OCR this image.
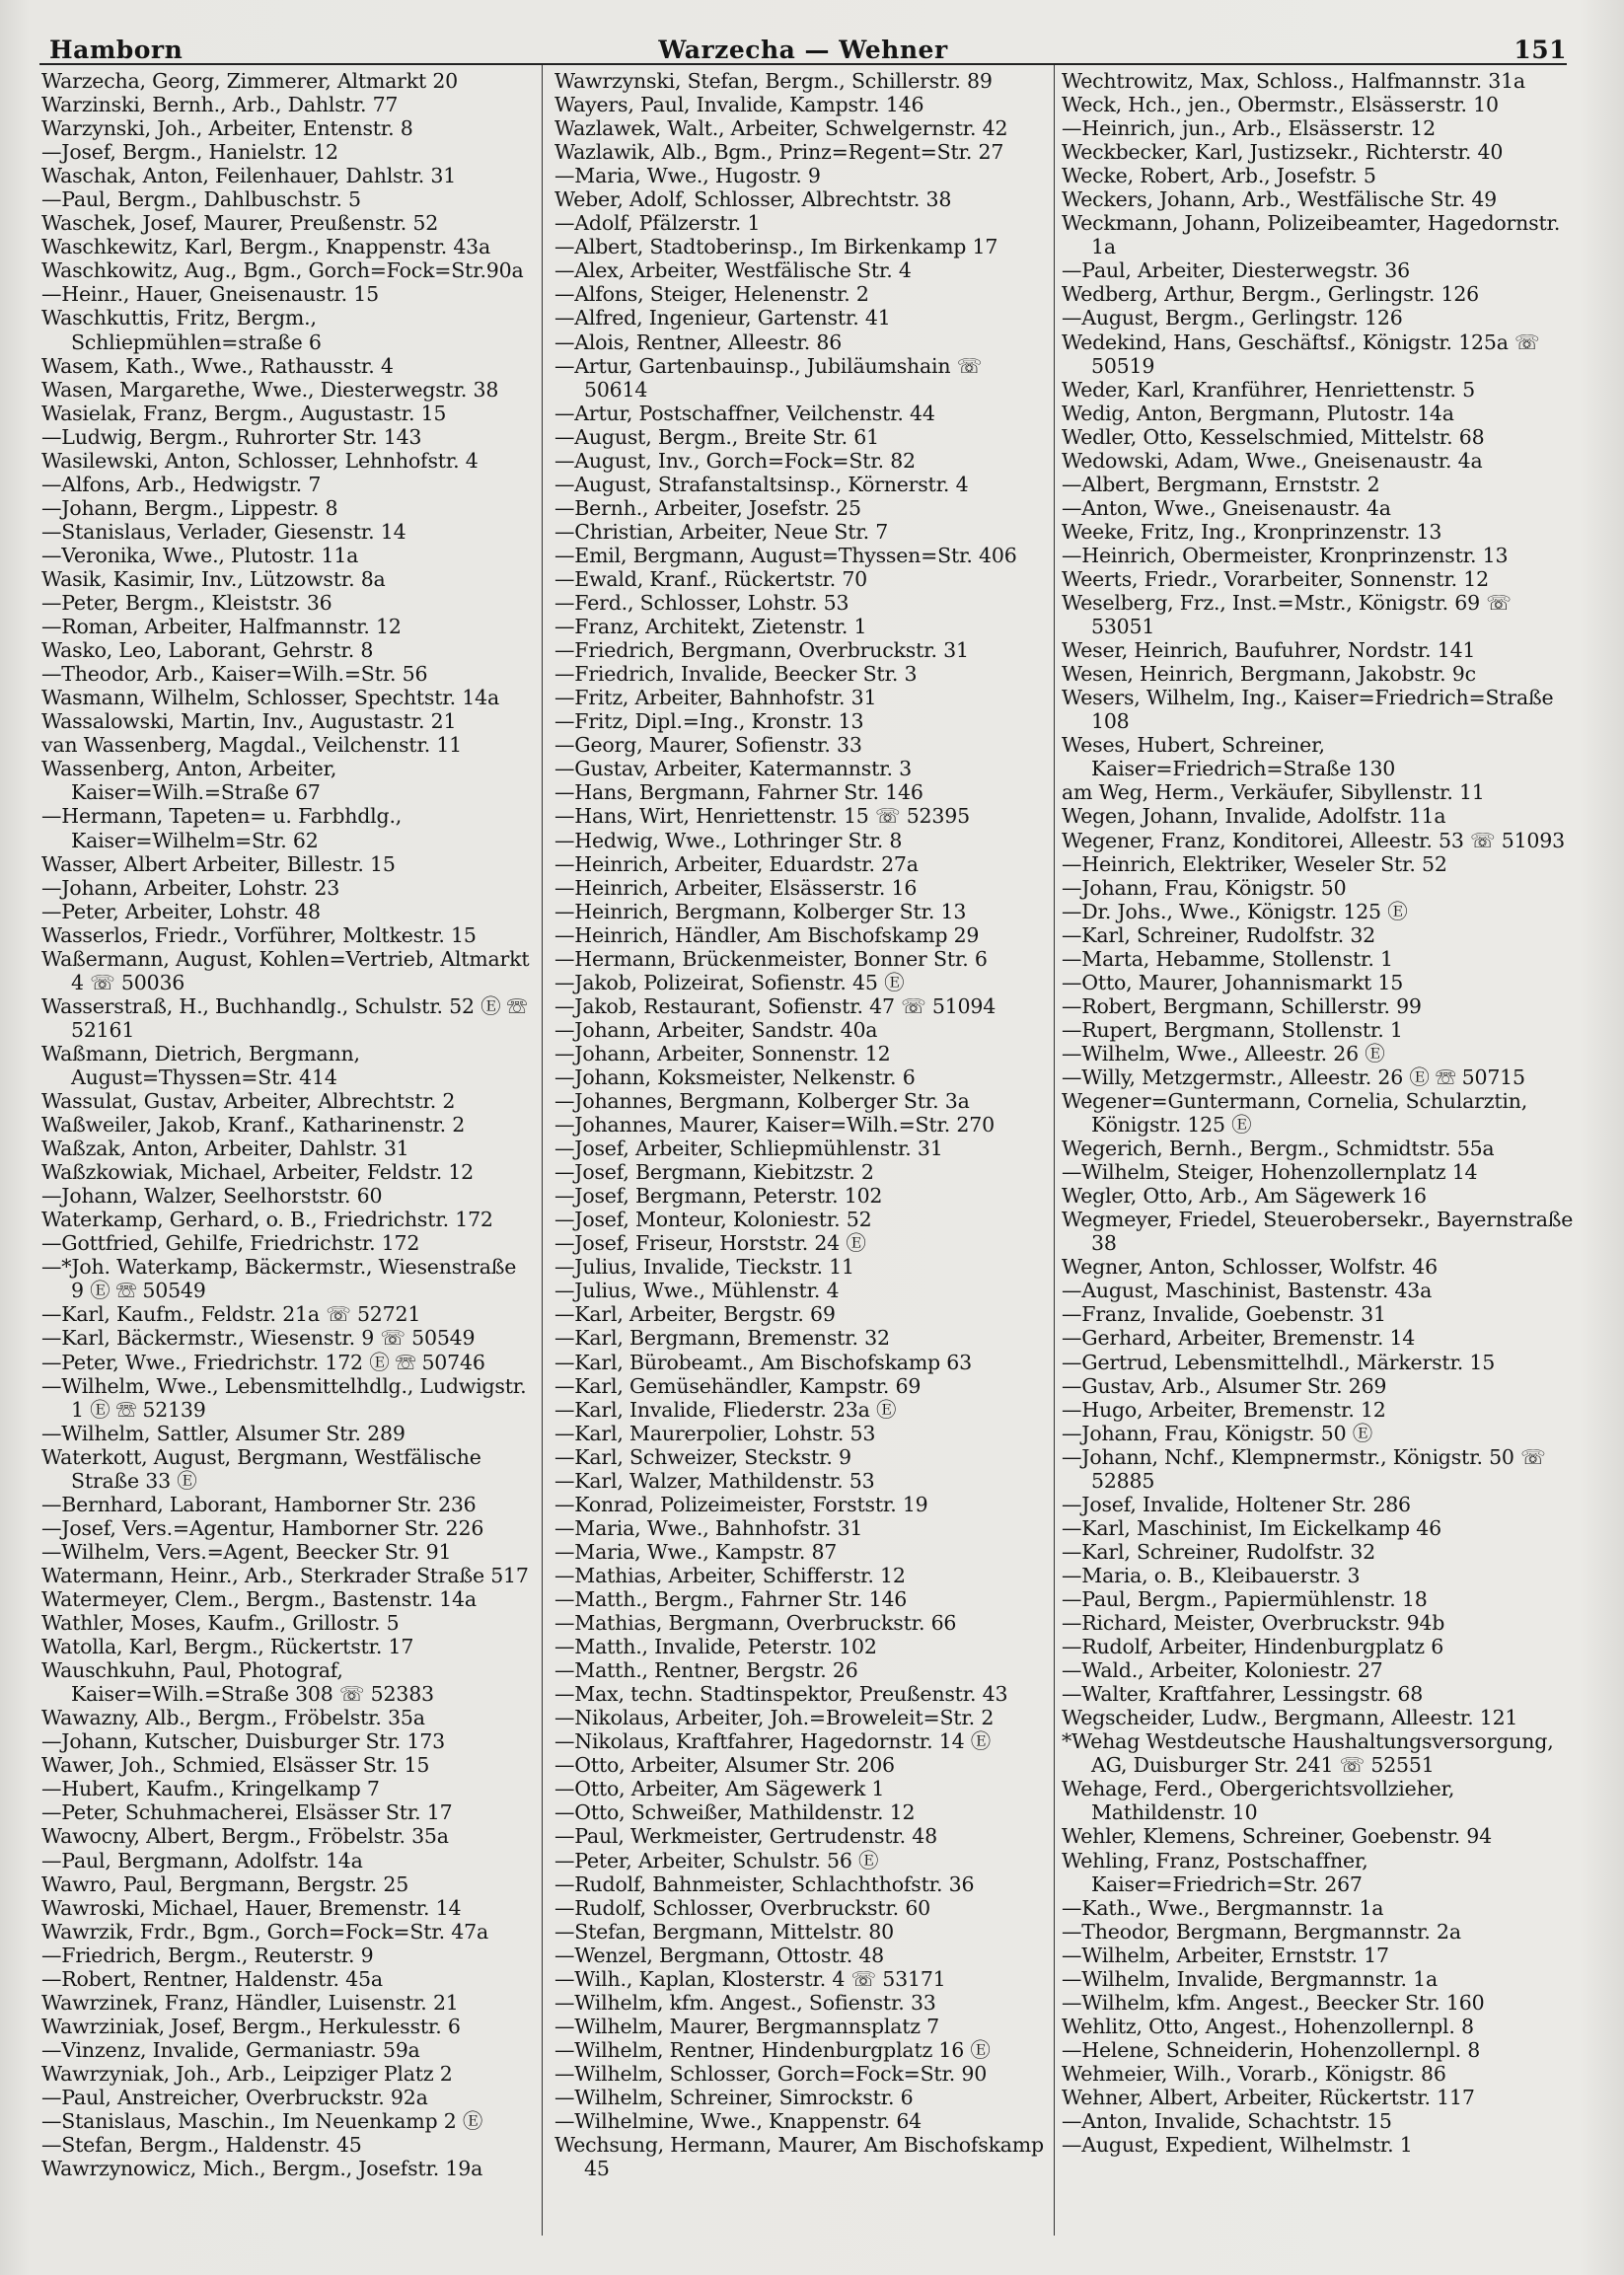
Hamborn	Warzecha — Wehner	151
Warzecha, Georg, Zimmerer, Altmarkt 20
Warzinski, Bernh., Arb., Dahlstr. 77
Warzynski, Joh., Arbeiter, Entenstr. 8
—Josef, Bergm., Hanielstr. 12
Waschak, Anton, Feilenhauer, Dahlstr. 31
—Paul, Bergm., Dahlbuschstr. 5
Waschek, Josef, Maurer, Preußenstr. 52
Waschkewitz, Karl, Bergm., Knappenstr. 43a
Waschkowitz, Aug., Bgm., Gorch=Fock=Str.90a
—Heinr., Hauer, Gneisenaustr. 15
Waschkuttis, Fritz, Bergm., Schliepmühlen=straße 6
Wasem, Kath., Wwe., Rathausstr. 4
Wasen, Margarethe, Wwe., Diesterwegstr. 38
Wasielak, Franz, Bergm., Augustastr. 15
—Ludwig, Bergm., Ruhrorter Str. 143
Wasilewski, Anton, Schlosser, Lehnhofstr. 4
—Alfons, Arb., Hedwigstr. 7
—Johann, Bergm., Lippestr. 8
—Stanislaus, Verlader, Giesenstr. 14
—Veronika, Wwe., Plutostr. 11a
Wasik, Kasimir, Inv., Lützowstr. 8a
—Peter, Bergm., Kleiststr. 36
—Roman, Arbeiter, Halfmannstr. 12
Wasko, Leo, Laborant, Gehrstr. 8
—Theodor, Arb., Kaiser=Wilh.=Str. 56
Wasmann, Wilhelm, Schlosser, Spechtstr. 14a
Wassalowski, Martin, Inv., Augustastr. 21
van Wassenberg, Magdal., Veilchenstr. 11
Wassenberg, Anton, Arbeiter, Kaiser=Wilh.=Straße 67
—Hermann, Tapeten= u. Farbhdlg., Kaiser=Wilhelm=Str. 62
Wasser, Albert Arbeiter, Billestr. 15
—Johann, Arbeiter, Lohstr. 23
—Peter, Arbeiter, Lohstr. 48
Wasserlos, Friedr., Vorführer, Moltkestr. 15
Waßermann, August, Kohlen=Vertrieb, Altmarkt 4 ☏ 50036
Wasserstraß, H., Buchhandlg., Schulstr. 52 Ⓔ ☏ 52161
Waßmann, Dietrich, Bergmann, August=Thyssen=Str. 414
Wassulat, Gustav, Arbeiter, Albrechtstr. 2
Waßweiler, Jakob, Kranf., Katharinenstr. 2
Waßzak, Anton, Arbeiter, Dahlstr. 31
Waßzkowiak, Michael, Arbeiter, Feldstr. 12
—Johann, Walzer, Seelhorststr. 60
Waterkamp, Gerhard, o. B., Friedrichstr. 172
—Gottfried, Gehilfe, Friedrichstr. 172
—*Joh. Waterkamp, Bäckermstr., Wiesenstraße 9 Ⓔ ☏ 50549
—Karl, Kaufm., Feldstr. 21a ☏ 52721
—Karl, Bäckermstr., Wiesenstr. 9 ☏ 50549
—Peter, Wwe., Friedrichstr. 172 Ⓔ ☏ 50746
—Wilhelm, Wwe., Lebensmittelhdlg., Ludwigstr. 1 Ⓔ ☏ 52139
—Wilhelm, Sattler, Alsumer Str. 289
Waterkott, August, Bergmann, Westfälische Straße 33 Ⓔ
—Bernhard, Laborant, Hamborner Str. 236
—Josef, Vers.=Agentur, Hamborner Str. 226
—Wilhelm, Vers.=Agent, Beecker Str. 91
Watermann, Heinr., Arb., Sterkrader Straße 517
Watermeyer, Clem., Bergm., Bastenstr. 14a
Wathler, Moses, Kaufm., Grillostr. 5
Watolla, Karl, Bergm., Rückertstr. 17
Wauschkuhn, Paul, Photograf, Kaiser=Wilh.=Straße 308 ☏ 52383
Wawazny, Alb., Bergm., Fröbelstr. 35a
—Johann, Kutscher, Duisburger Str. 173
Wawer, Joh., Schmied, Elsässer Str. 15
—Hubert, Kaufm., Kringelkamp 7
—Peter, Schuhmacherei, Elsässer Str. 17
Wawocny, Albert, Bergm., Fröbelstr. 35a
—Paul, Bergmann, Adolfstr. 14a
Wawro, Paul, Bergmann, Bergstr. 25
Wawroski, Michael, Hauer, Bremenstr. 14
Wawrzik, Frdr., Bgm., Gorch=Fock=Str. 47a
—Friedrich, Bergm., Reuterstr. 9
—Robert, Rentner, Haldenstr. 45a
Wawrzinek, Franz, Händler, Luisenstr. 21
Wawrziniak, Josef, Bergm., Herkulesstr. 6
—Vinzenz, Invalide, Germaniastr. 59a
Wawrzyniak, Joh., Arb., Leipziger Platz 2
—Paul, Anstreicher, Overbruckstr. 92a
—Stanislaus, Maschin., Im Neuenkamp 2 Ⓔ
—Stefan, Bergm., Haldenstr. 45
Wawrzynowicz, Mich., Bergm., Josefstr. 19a
Wawrzynski, Stefan, Bergm., Schillerstr. 89
Wayers, Paul, Invalide, Kampstr. 146
Wazlawek, Walt., Arbeiter, Schwelgernstr. 42
Wazlawik, Alb., Bgm., Prinz=Regent=Str. 27
—Maria, Wwe., Hugostr. 9
Weber, Adolf, Schlosser, Albrechtstr. 38
—Adolf, Pfälzerstr. 1
—Albert, Stadtoberinsp., Im Birkenkamp 17
—Alex, Arbeiter, Westfälische Str. 4
—Alfons, Steiger, Helenenstr. 2
—Alfred, Ingenieur, Gartenstr. 41
—Alois, Rentner, Alleestr. 86
—Artur, Gartenbauinsp., Jubiläumshain ☏ 50614
—Artur, Postschaffner, Veilchenstr. 44
—August, Bergm., Breite Str. 61
—August, Inv., Gorch=Fock=Str. 82
—August, Strafanstaltsinsp., Körnerstr. 4
—Bernh., Arbeiter, Josefstr. 25
—Christian, Arbeiter, Neue Str. 7
—Emil, Bergmann, August=Thyssen=Str. 406
—Ewald, Kranf., Rückertstr. 70
—Ferd., Schlosser, Lohstr. 53
—Franz, Architekt, Zietenstr. 1
—Friedrich, Bergmann, Overbruckstr. 31
—Friedrich, Invalide, Beecker Str. 3
—Fritz, Arbeiter, Bahnhofstr. 31
—Fritz, Dipl.=Ing., Kronstr. 13
—Georg, Maurer, Sofienstr. 33
—Gustav, Arbeiter, Katermannstr. 3
—Hans, Bergmann, Fahrner Str. 146
—Hans, Wirt, Henriettenstr. 15 ☏ 52395
—Hedwig, Wwe., Lothringer Str. 8
—Heinrich, Arbeiter, Eduardstr. 27a
—Heinrich, Arbeiter, Elsässerstr. 16
—Heinrich, Bergmann, Kolberger Str. 13
—Heinrich, Händler, Am Bischofskamp 29
—Hermann, Brückenmeister, Bonner Str. 6
—Jakob, Polizeirat, Sofienstr. 45 Ⓔ
—Jakob, Restaurant, Sofienstr. 47 ☏ 51094
—Johann, Arbeiter, Sandstr. 40a
—Johann, Arbeiter, Sonnenstr. 12
—Johann, Koksmeister, Nelkenstr. 6
—Johannes, Bergmann, Kolberger Str. 3a
—Johannes, Maurer, Kaiser=Wilh.=Str. 270
—Josef, Arbeiter, Schliepmühlenstr. 31
—Josef, Bergmann, Kiebitzstr. 2
—Josef, Bergmann, Peterstr. 102
—Josef, Monteur, Koloniestr. 52
—Josef, Friseur, Horststr. 24 Ⓔ
—Julius, Invalide, Tieckstr. 11
—Julius, Wwe., Mühlenstr. 4
—Karl, Arbeiter, Bergstr. 69
—Karl, Bergmann, Bremenstr. 32
—Karl, Bürobeamt., Am Bischofskamp 63
—Karl, Gemüsehändler, Kampstr. 69
—Karl, Invalide, Fliederstr. 23a Ⓔ
—Karl, Maurerpolier, Lohstr. 53
—Karl, Schweizer, Steckstr. 9
—Karl, Walzer, Mathildenstr. 53
—Konrad, Polizeimeister, Forststr. 19
—Maria, Wwe., Bahnhofstr. 31
—Maria, Wwe., Kampstr. 87
—Mathias, Arbeiter, Schifferstr. 12
—Matth., Bergm., Fahrner Str. 146
—Mathias, Bergmann, Overbruckstr. 66
—Matth., Invalide, Peterstr. 102
—Matth., Rentner, Bergstr. 26
—Max, techn. Stadtinspektor, Preußenstr. 43
—Nikolaus, Arbeiter, Joh.=Broweleit=Str. 2
—Nikolaus, Kraftfahrer, Hagedornstr. 14 Ⓔ
—Otto, Arbeiter, Alsumer Str. 206
—Otto, Arbeiter, Am Sägewerk 1
—Otto, Schweißer, Mathildenstr. 12
—Paul, Werkmeister, Gertrudenstr. 48
—Peter, Arbeiter, Schulstr. 56 Ⓔ
—Rudolf, Bahnmeister, Schlachthofstr. 36
—Rudolf, Schlosser, Overbruckstr. 60
—Stefan, Bergmann, Mittelstr. 80
—Wenzel, Bergmann, Ottostr. 48
—Wilh., Kaplan, Klosterstr. 4 ☏ 53171
—Wilhelm, kfm. Angest., Sofienstr. 33
—Wilhelm, Maurer, Bergmannsplatz 7
—Wilhelm, Rentner, Hindenburgplatz 16 Ⓔ
—Wilhelm, Schlosser, Gorch=Fock=Str. 90
—Wilhelm, Schreiner, Simrockstr. 6
—Wilhelmine, Wwe., Knappenstr. 64
Wechsung, Hermann, Maurer, Am Bischofskamp 45
Wechtrowitz, Max, Schloss., Halfmannstr. 31a
Weck, Hch., jen., Obermstr., Elsässerstr. 10
—Heinrich, jun., Arb., Elsässerstr. 12
Weckbecker, Karl, Justizsekr., Richterstr. 40
Wecke, Robert, Arb., Josefstr. 5
Weckers, Johann, Arb., Westfälische Str. 49
Weckmann, Johann, Polizeibeamter, Hagedornstr. 1a
—Paul, Arbeiter, Diesterwegstr. 36
Wedberg, Arthur, Bergm., Gerlingstr. 126
—August, Bergm., Gerlingstr. 126
Wedekind, Hans, Geschäftsf., Königstr. 125a ☏ 50519
Weder, Karl, Kranführer, Henriettenstr. 5
Wedig, Anton, Bergmann, Plutostr. 14a
Wedler, Otto, Kesselschmied, Mittelstr. 68
Wedowski, Adam, Wwe., Gneisenaustr. 4a
—Albert, Bergmann, Ernststr. 2
—Anton, Wwe., Gneisenaustr. 4a
Weeke, Fritz, Ing., Kronprinzenstr. 13
—Heinrich, Obermeister, Kronprinzenstr. 13
Weerts, Friedr., Vorarbeiter, Sonnenstr. 12
Weselberg, Frz., Inst.=Mstr., Königstr. 69 ☏ 53051
Weser, Heinrich, Baufuhrer, Nordstr. 141
Wesen, Heinrich, Bergmann, Jakobstr. 9c
Wesers, Wilhelm, Ing., Kaiser=Friedrich=Straße 108
Weses, Hubert, Schreiner, Kaiser=Friedrich=Straße 130
am Weg, Herm., Verkäufer, Sibyllenstr. 11
Wegen, Johann, Invalide, Adolfstr. 11a
Wegener, Franz, Konditorei, Alleestr. 53 ☏ 51093
—Heinrich, Elektriker, Weseler Str. 52
—Johann, Frau, Königstr. 50
—Dr. Johs., Wwe., Königstr. 125 Ⓔ
—Karl, Schreiner, Rudolfstr. 32
—Marta, Hebamme, Stollenstr. 1
—Otto, Maurer, Johannismarkt 15
—Robert, Bergmann, Schillerstr. 99
—Rupert, Bergmann, Stollenstr. 1
—Wilhelm, Wwe., Alleestr. 26 Ⓔ
—Willy, Metzgermstr., Alleestr. 26 Ⓔ ☏ 50715
Wegener=Guntermann, Cornelia, Schularztin, Königstr. 125 Ⓔ
Wegerich, Bernh., Bergm., Schmidtstr. 55a
—Wilhelm, Steiger, Hohenzollernplatz 14
Wegler, Otto, Arb., Am Sägewerk 16
Wegmeyer, Friedel, Steuerobersekr., Bayernstraße 38
Wegner, Anton, Schlosser, Wolfstr. 46
—August, Maschinist, Bastenstr. 43a
—Franz, Invalide, Goebenstr. 31
—Gerhard, Arbeiter, Bremenstr. 14
—Gertrud, Lebensmittelhdl., Märkerstr. 15
—Gustav, Arb., Alsumer Str. 269
—Hugo, Arbeiter, Bremenstr. 12
—Johann, Frau, Königstr. 50 Ⓔ
—Johann, Nchf., Klempnermstr., Königstr. 50 ☏ 52885
—Josef, Invalide, Holtener Str. 286
—Karl, Maschinist, Im Eickelkamp 46
—Karl, Schreiner, Rudolfstr. 32
—Maria, o. B., Kleibauerstr. 3
—Paul, Bergm., Papiermühlenstr. 18
—Richard, Meister, Overbruckstr. 94b
—Rudolf, Arbeiter, Hindenburgplatz 6
—Wald., Arbeiter, Koloniestr. 27
—Walter, Kraftfahrer, Lessingstr. 68
Wegscheider, Ludw., Bergmann, Alleestr. 121
*Wehag Westdeutsche Haushaltungsversorgung, AG, Duisburger Str. 241 ☏ 52551
Wehage, Ferd., Obergerichtsvollzieher, Mathildenstr. 10
Wehler, Klemens, Schreiner, Goebenstr. 94
Wehling, Franz, Postschaffner, Kaiser=Friedrich=Str. 267
—Kath., Wwe., Bergmannstr. 1a
—Theodor, Bergmann, Bergmannstr. 2a
—Wilhelm, Arbeiter, Ernststr. 17
—Wilhelm, Invalide, Bergmannstr. 1a
—Wilhelm, kfm. Angest., Beecker Str. 160
Wehlitz, Otto, Angest., Hohenzollernpl. 8
—Helene, Schneiderin, Hohenzollernpl. 8
Wehmeier, Wilh., Vorarb., Königstr. 86
Wehner, Albert, Arbeiter, Rückertstr. 117
—Anton, Invalide, Schachtstr. 15
—August, Expedient, Wilhelmstr. 1
